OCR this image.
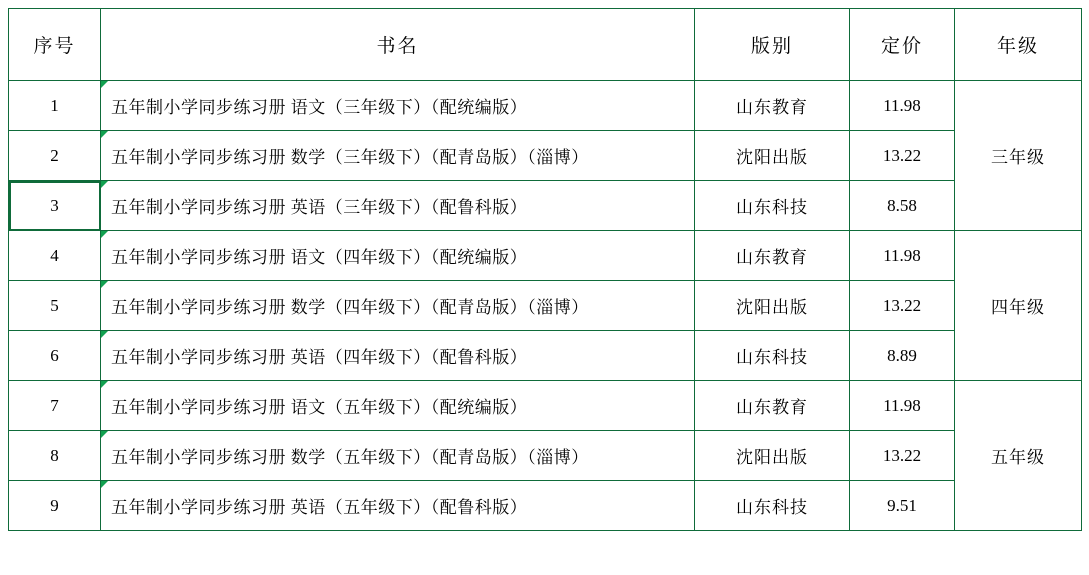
序号	书名	版别	定价	年级
1	五年制小学同步练习册 语文（三年级下）（配统编版）	山东教育	11.98	三年级
2	五年制小学同步练习册 数学（三年级下）（配青岛版）（淄博）	沈阳出版	13.22	
3	五年制小学同步练习册 英语（三年级下）（配鲁科版）	山东科技	8.58	
4	五年制小学同步练习册 语文（四年级下）（配统编版）	山东教育	11.98	四年级
5	五年制小学同步练习册 数学（四年级下）（配青岛版）（淄博）	沈阳出版	13.22	
6	五年制小学同步练习册 英语（四年级下）（配鲁科版）	山东科技	8.89	
7	五年制小学同步练习册 语文（五年级下）（配统编版）	山东教育	11.98	五年级
8	五年制小学同步练习册 数学（五年级下）（配青岛版）（淄博）	沈阳出版	13.22	
9	五年制小学同步练习册 英语（五年级下）（配鲁科版）	山东科技	9.51	
